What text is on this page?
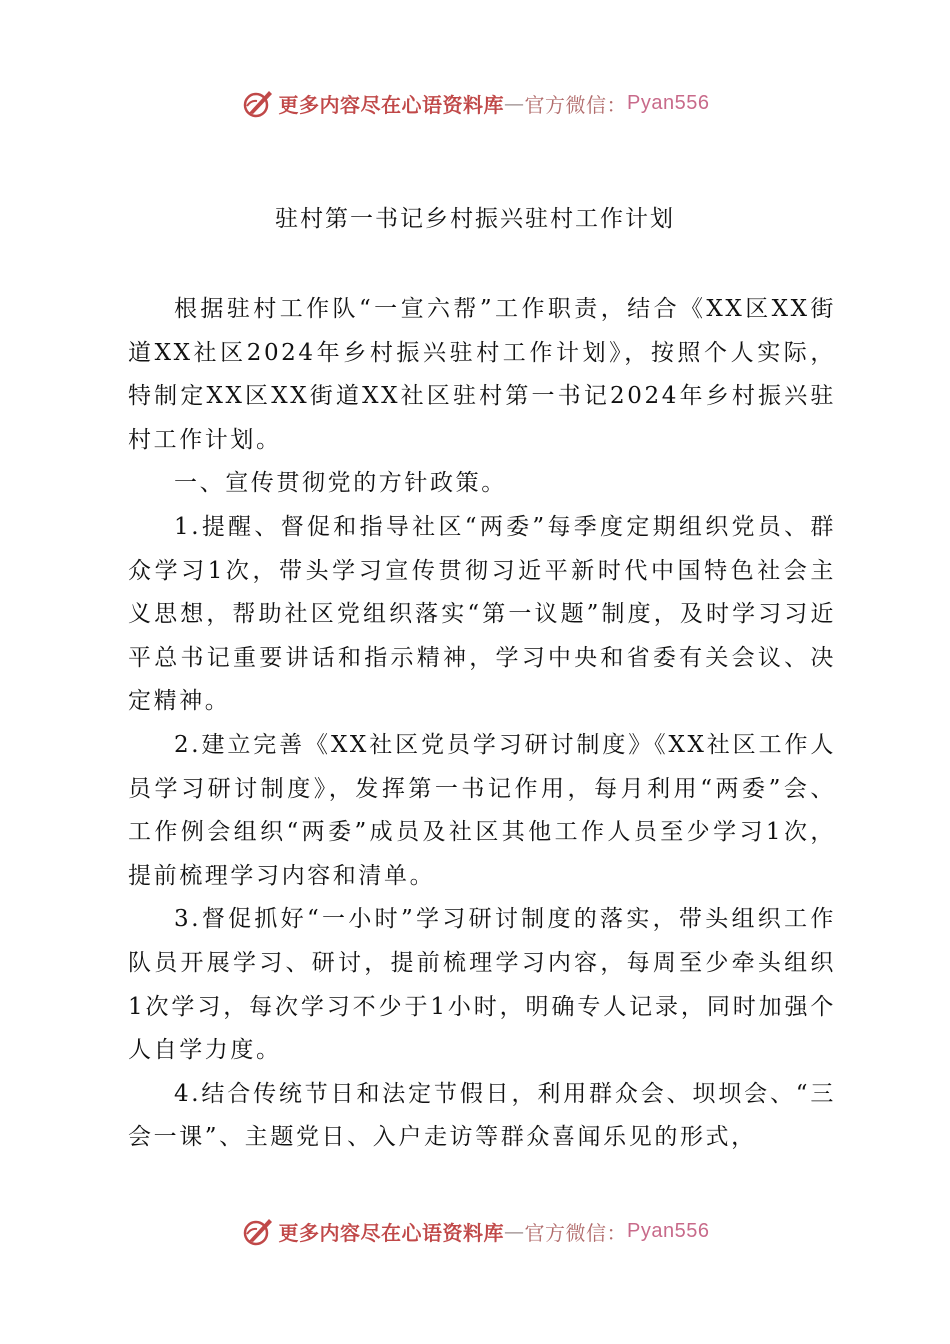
更多内容尽在心语资料库 — 官方微信： Pyan556
驻村第一书记乡村振兴驻村工作计划

根据驻村工作队“一宣六帮”工作职责，结合《XX区XX街道XX社区2024年乡村振兴驻村工作计划》，按照个人实际，特制定XX区XX街道XX社区驻村第一书记2024年乡村振兴驻村工作计划。

一、宣传贯彻党的方针政策。

1.提醒、督促和指导社区“两委”每季度定期组织党员、群众学习1次，带头学习宣传贯彻习近平新时代中国特色社会主义思想，帮助社区党组织落实“第一议题”制度，及时学习习近平总书记重要讲话和指示精神，学习中央和省委有关会议、决定精神。

2.建立完善《XX社区党员学习研讨制度》《XX社区工作人员学习研讨制度》，发挥第一书记作用，每月利用“两委”会、工作例会组织“两委”成员及社区其他工作人员至少学习1次，提前梳理学习内容和清单。

3.督促抓好“一小时”学习研讨制度的落实，带头组织工作队员开展学习、研讨，提前梳理学习内容，每周至少牵头组织1次学习，每次学习不少于1小时，明确专人记录，同时加强个人自学力度。

4.结合传统节日和法定节假日，利用群众会、坝坝会、“三会一课”、主题党日、入户走访等群众喜闻乐见的形式，

更多内容尽在心语资料库 — 官方微信： Pyan556
